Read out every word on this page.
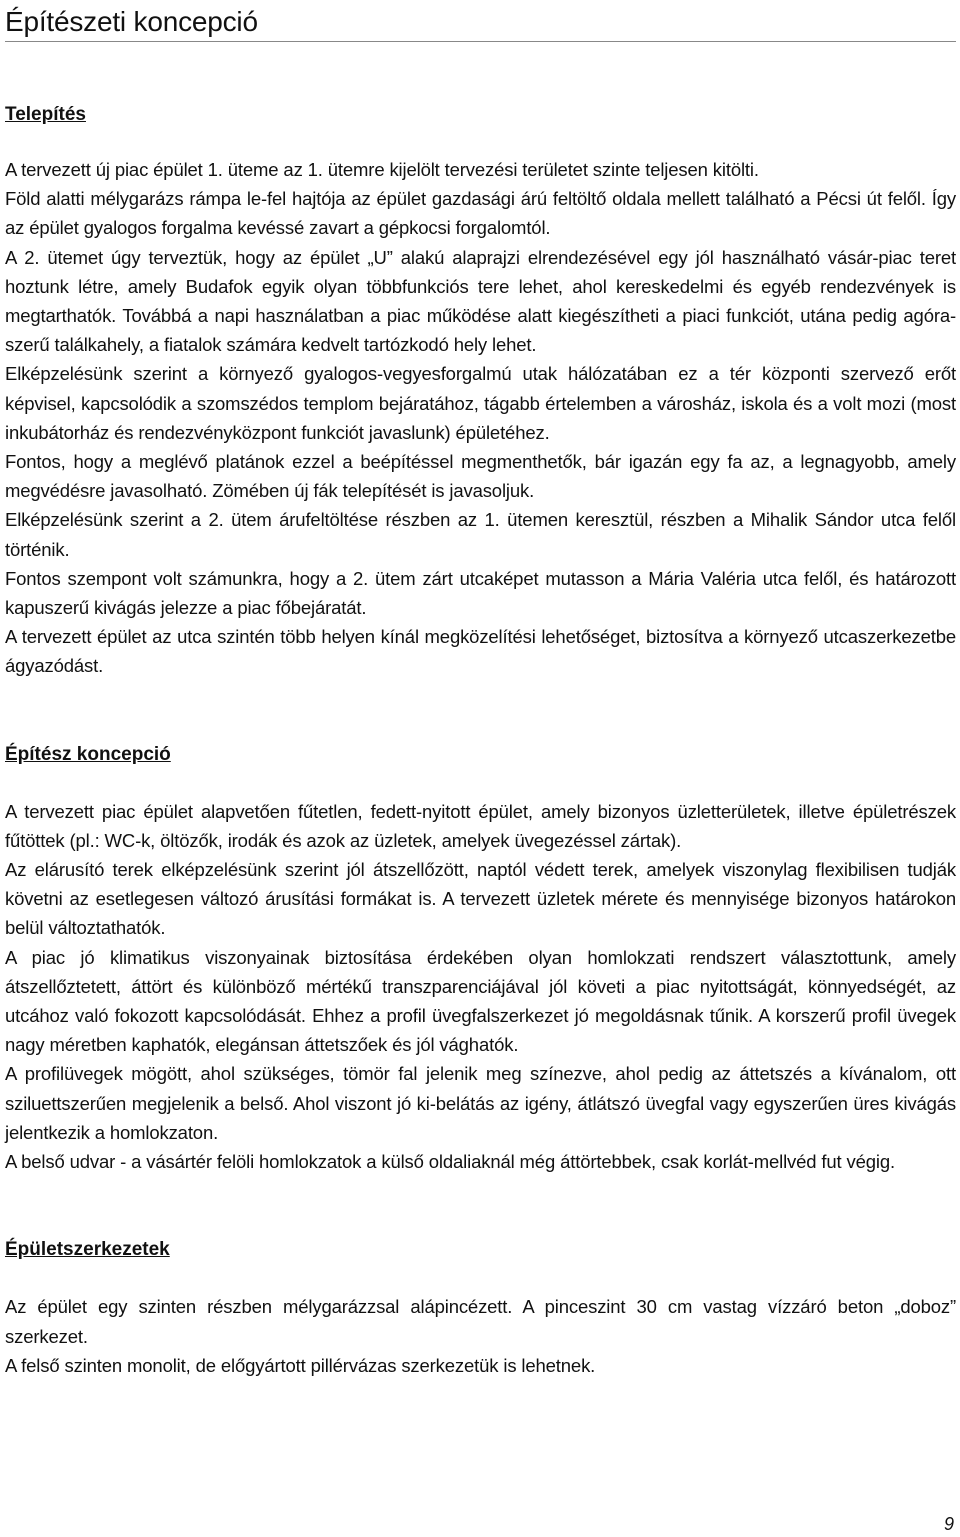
Építészeti koncepció
Telepítés

A tervezett új piac épület 1. üteme az 1. ütemre kijelölt tervezési területet szinte teljesen kitölti.

Föld alatti mélygarázs rámpa le-fel hajtója az épület gazdasági árú feltöltő oldala mellett található a Pécsi út felől. Így az épület gyalogos forgalma kevéssé zavart a gépkocsi forgalomtól.

A 2. ütemet úgy terveztük, hogy az épület „U” alakú alaprajzi elrendezésével egy jól használható vásár-piac teret hoztunk létre, amely Budafok egyik olyan többfunkciós tere lehet, ahol kereskedelmi és egyéb rendezvények is megtarthatók. Továbbá a napi használatban a piac működése alatt kiegészítheti a piaci funkciót, utána pedig agóra-szerű találkahely, a fiatalok számára kedvelt tartózkodó hely lehet.

Elképzelésünk szerint a környező gyalogos-vegyesforgalmú utak hálózatában ez a tér központi szervező erőt képvisel, kapcsolódik a szomszédos templom bejáratához, tágabb értelemben a városház, iskola és a volt mozi (most inkubátorház és rendezvényközpont funkciót javaslunk) épületéhez.

Fontos, hogy a meglévő platánok ezzel a beépítéssel megmenthetők, bár igazán egy fa az, a legnagyobb, amely megvédésre javasolható. Zömében új fák telepítését is javasoljuk.

Elképzelésünk szerint a 2. ütem árufeltöltése részben az 1. ütemen keresztül, részben a Mihalik Sándor utca felől történik.

Fontos szempont volt számunkra, hogy a 2. ütem zárt utcaképet mutasson a Mária Valéria utca felől, és határozott kapuszerű kivágás jelezze a piac főbejáratát.

A tervezett épület az utca szintén több helyen kínál megközelítési lehetőséget, biztosítva a környező utcaszerkezetbe ágyazódást.

Építész koncepció

A tervezett piac épület alapvetően fűtetlen, fedett-nyitott épület, amely bizonyos üzletterületek, illetve épületrészek fűtöttek (pl.: WC-k, öltözők, irodák és azok az üzletek, amelyek üvegezéssel zártak).

Az elárusító terek elképzelésünk szerint jól átszellőzött, naptól védett terek, amelyek viszonylag flexibilisen tudják követni az esetlegesen változó árusítási formákat is. A tervezett üzletek mérete és mennyisége bizonyos határokon belül változtathatók.

A piac jó klimatikus viszonyainak biztosítása érdekében olyan homlokzati rendszert választottunk, amely átszellőztetett, áttört és különböző mértékű transzparenciájával jól követi a piac nyitottságát, könnyedségét, az utcához való fokozott kapcsolódását. Ehhez a profil üvegfalszerkezet jó megoldásnak tűnik. A korszerű profil üvegek nagy méretben kaphatók, elegánsan áttetszőek és jól vághatók.

A profilüvegek mögött, ahol szükséges, tömör fal jelenik meg színezve, ahol pedig az áttetszés a kívánalom, ott sziluettszerűen megjelenik a belső. Ahol viszont jó ki-belátás az igény, átlátszó üvegfal vagy egyszerűen üres kivágás jelentkezik a homlokzaton.

A belső udvar - a vásártér felöli homlokzatok a külső oldaliaknál még áttörtebbek, csak korlát-mellvéd fut végig.

Épületszerkezetek

Az épület egy szinten részben mélygarázzsal alápincézett. A pinceszint 30 cm vastag vízzáró beton „doboz” szerkezet.

A felső szinten monolit, de előgyártott pillérvázas szerkezetük is lehetnek.

9
